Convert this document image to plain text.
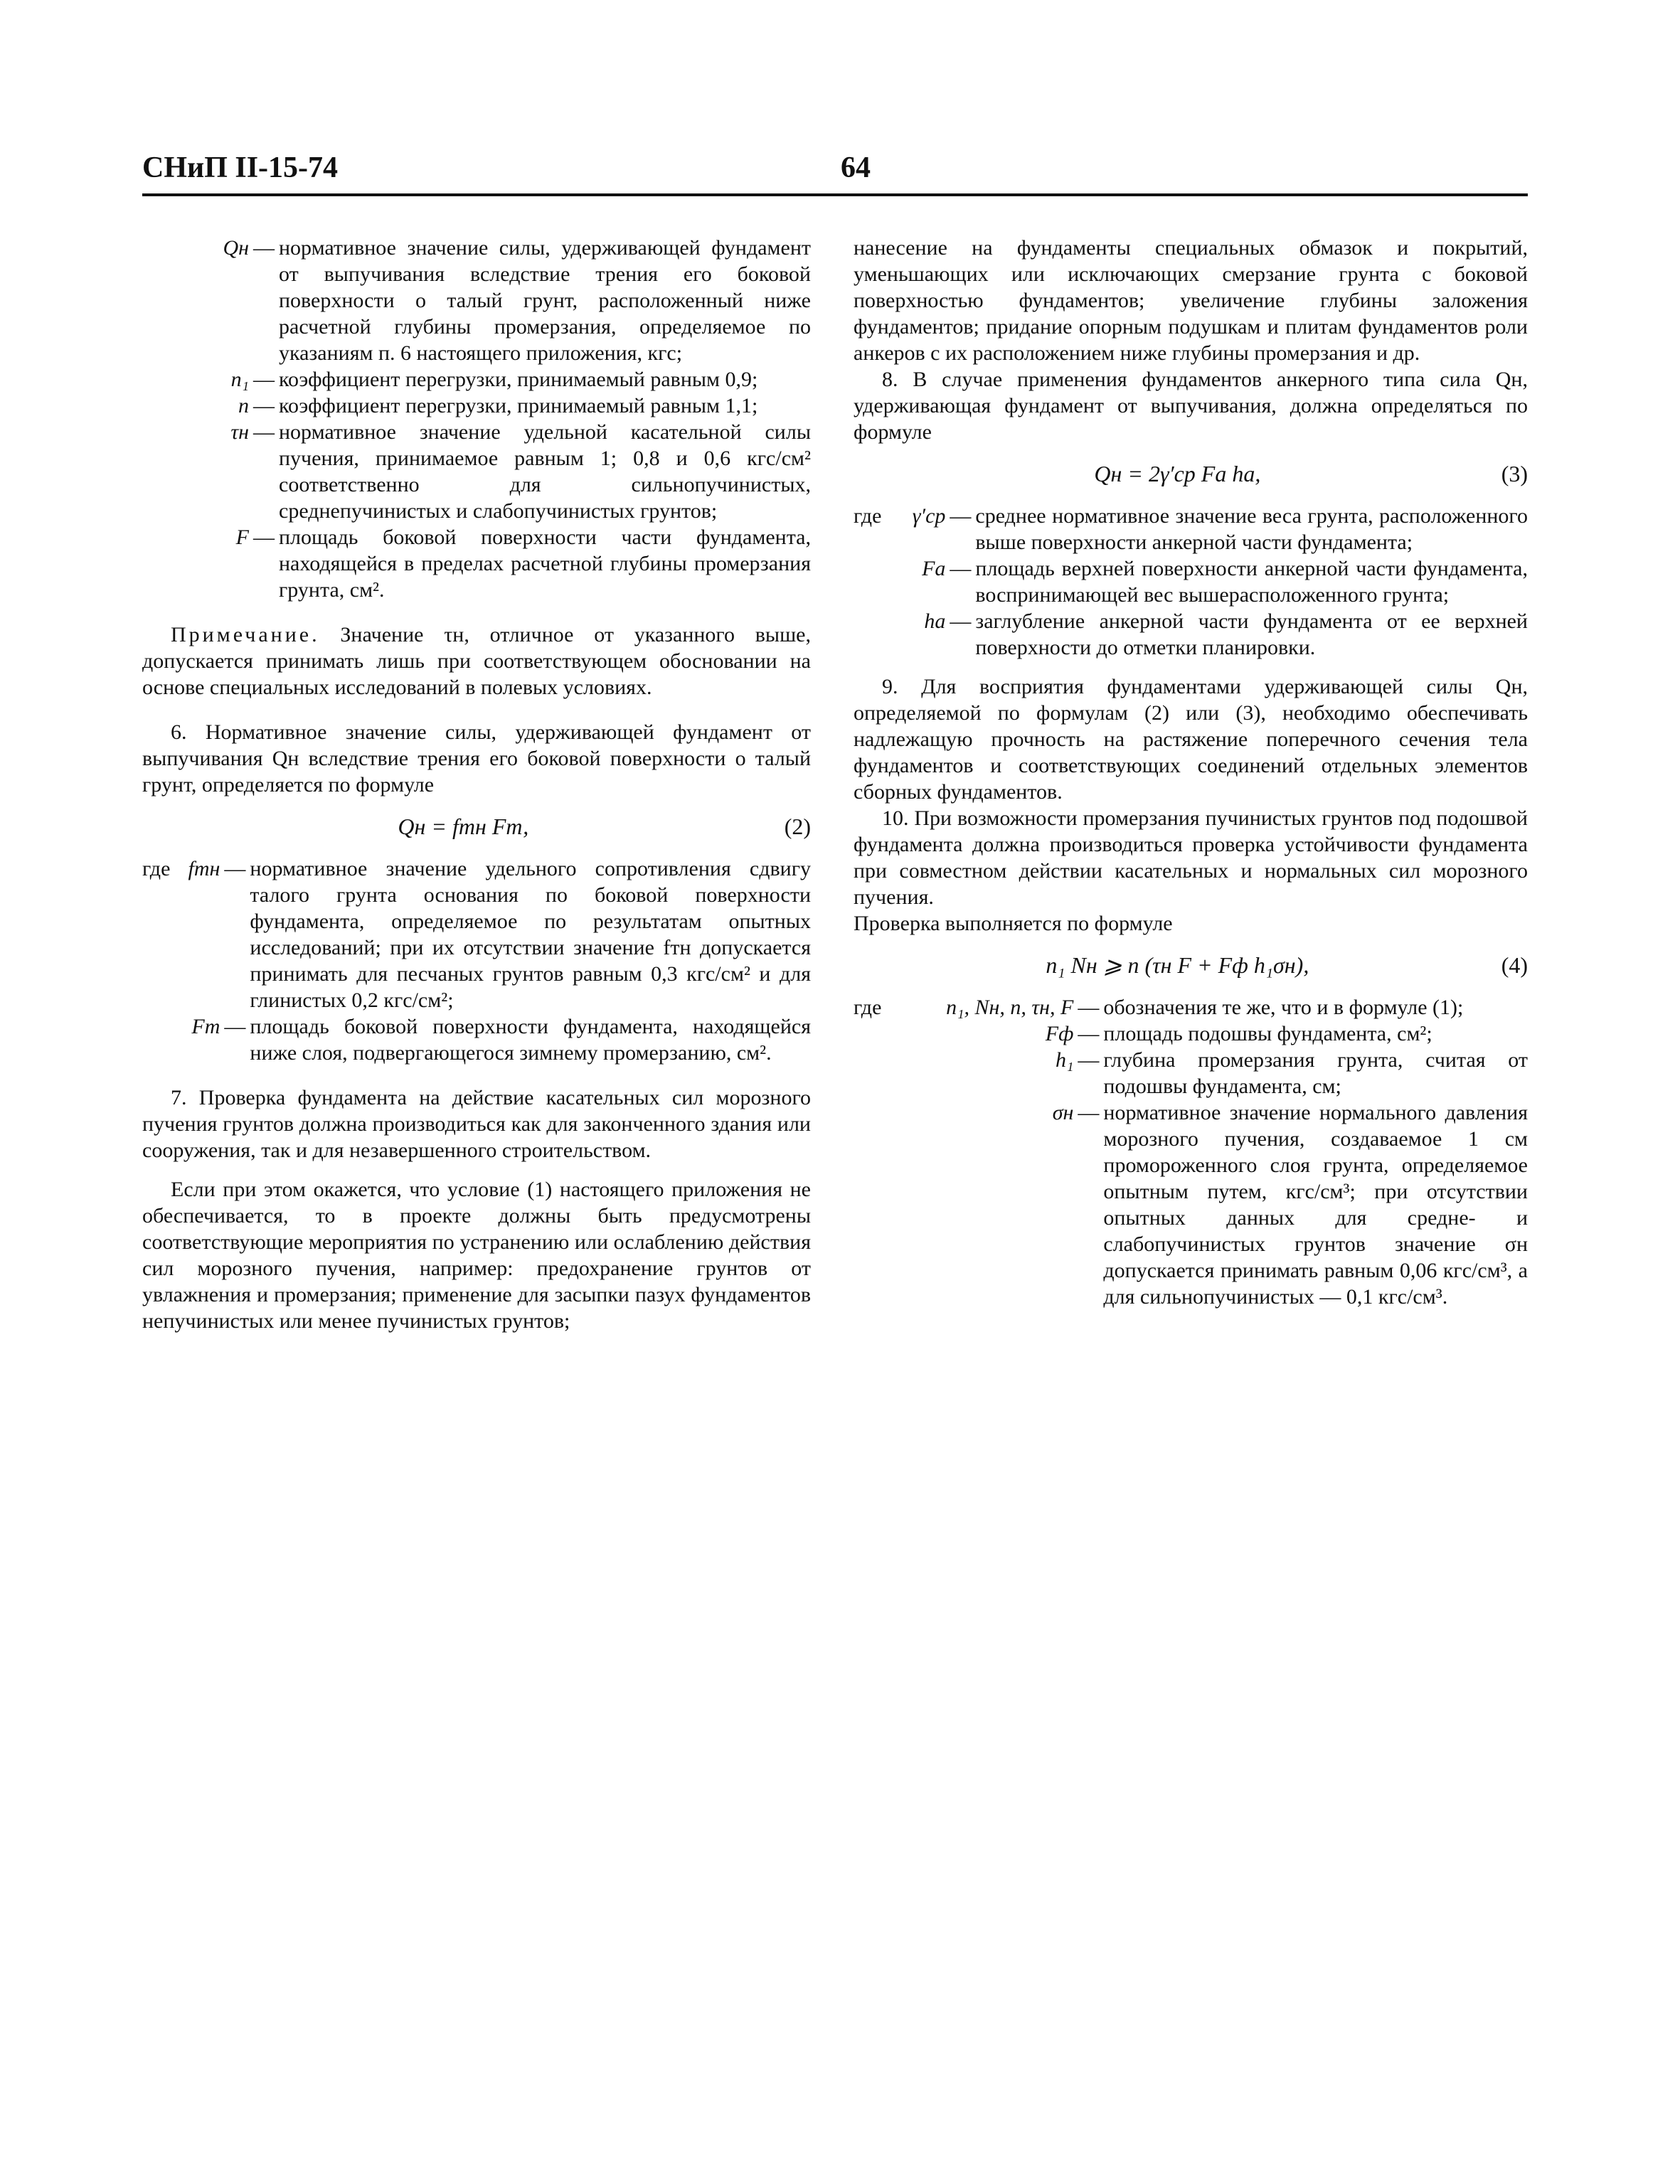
СНиП II-15-74	64
Qн — нормативное значение силы, удерживающей фундамент от выпучивания вследствие трения его боковой поверхности о талый грунт, расположенный ниже расчетной глубины промерзания, определяемое по указаниям п. 6 настоящего приложения, кгс;
n₁ — коэффициент перегрузки, принимаемый равным 0,9;
n — коэффициент перегрузки, принимаемый равным 1,1;
τн — нормативное значение удельной касательной силы пучения, принимаемое равным 1; 0,8 и 0,6 кгс/см² соответственно для сильнопучинистых, среднепучинистых и слабопучинистых грунтов;
F — площадь боковой поверхности части фундамента, находящейся в пределах расчетной глубины промерзания грунта, см².

Примечание. Значение τн, отличное от указанного выше, допускается принимать лишь при соответствующем обосновании на основе специальных исследований в полевых условиях.

6. Нормативное значение силы, удерживающей фундамент от выпучивания Qн вследствие трения его боковой поверхности о талый грунт, определяется по формуле

Qн = fтн Fт,	(2)
где fтн — нормативное значение удельного сопротивления сдвигу талого грунта основания по боковой поверхности фундамента, определяемое по результатам опытных исследований; при их отсутствии значение fтн допускается принимать для песчаных грунтов равным 0,3 кгс/см² и для глинистых 0,2 кгс/см²;
Fт — площадь боковой поверхности фундамента, находящейся ниже слоя, подвергающегося зимнему промерзанию, см².

7. Проверка фундамента на действие касательных сил морозного пучения грунтов должна производиться как для законченного здания или сооружения, так и для незавершенного строительством.

Если при этом окажется, что условие (1) настоящего приложения не обеспечивается, то в проекте должны быть предусмотрены соответствующие мероприятия по устранению или ослаблению действия сил морозного пучения, например: предохранение грунтов от увлажнения и промерзания; применение для засыпки пазух фундаментов непучинистых или менее пучинистых грунтов;

нанесение на фундаменты специальных обмазок и покрытий, уменьшающих или исключающих смерзание грунта с боковой поверхностью фундаментов; увеличение глубины заложения фундаментов; придание опорным подушкам и плитам фундаментов роли анкеров с их расположением ниже глубины промерзания и др.

8. В случае применения фундаментов анкерного типа сила Qн, удерживающая фундамент от выпучивания, должна определяться по формуле

Qн = 2γ′ср Fа hа,	(3)
где	γ′ср — среднее нормативное значение веса грунта, расположенного выше поверхности анкерной части фундамента;
Fа — площадь верхней поверхности анкерной части фундамента, воспринимающей вес вышерасположенного грунта;
hа — заглубление анкерной части фундамента от ее верхней поверхности до отметки планировки.

9. Для восприятия фундаментами удерживающей силы Qн, определяемой по формулам (2) или (3), необходимо обеспечивать надлежащую прочность на растяжение поперечного сечения тела фундаментов и соответствующих соединений отдельных элементов сборных фундаментов.

10. При возможности промерзания пучинистых грунтов под подошвой фундамента должна производиться проверка устойчивости фундамента при совместном действии касательных и нормальных сил морозного пучения.

Проверка выполняется по формуле

n₁ Nн ⩾ n (τн F + Fф h₁σн),	(4)
где	n₁, Nн, n, τн, F — обозначения те же, что и в формуле (1);
Fф — площадь подошвы фундамента, см²;
h₁ — глубина промерзания грунта, считая от подошвы фундамента, см;
σн — нормативное значение нормального давления морозного пучения, создаваемое 1 см промороженного слоя грунта, определяемое опытным путем, кгс/см³; при отсутствии опытных данных для средне- и слабопучинистых грунтов значение σн допускается принимать равным 0,06 кгс/см³, а для сильнопучинистых — 0,1 кгс/см³.
